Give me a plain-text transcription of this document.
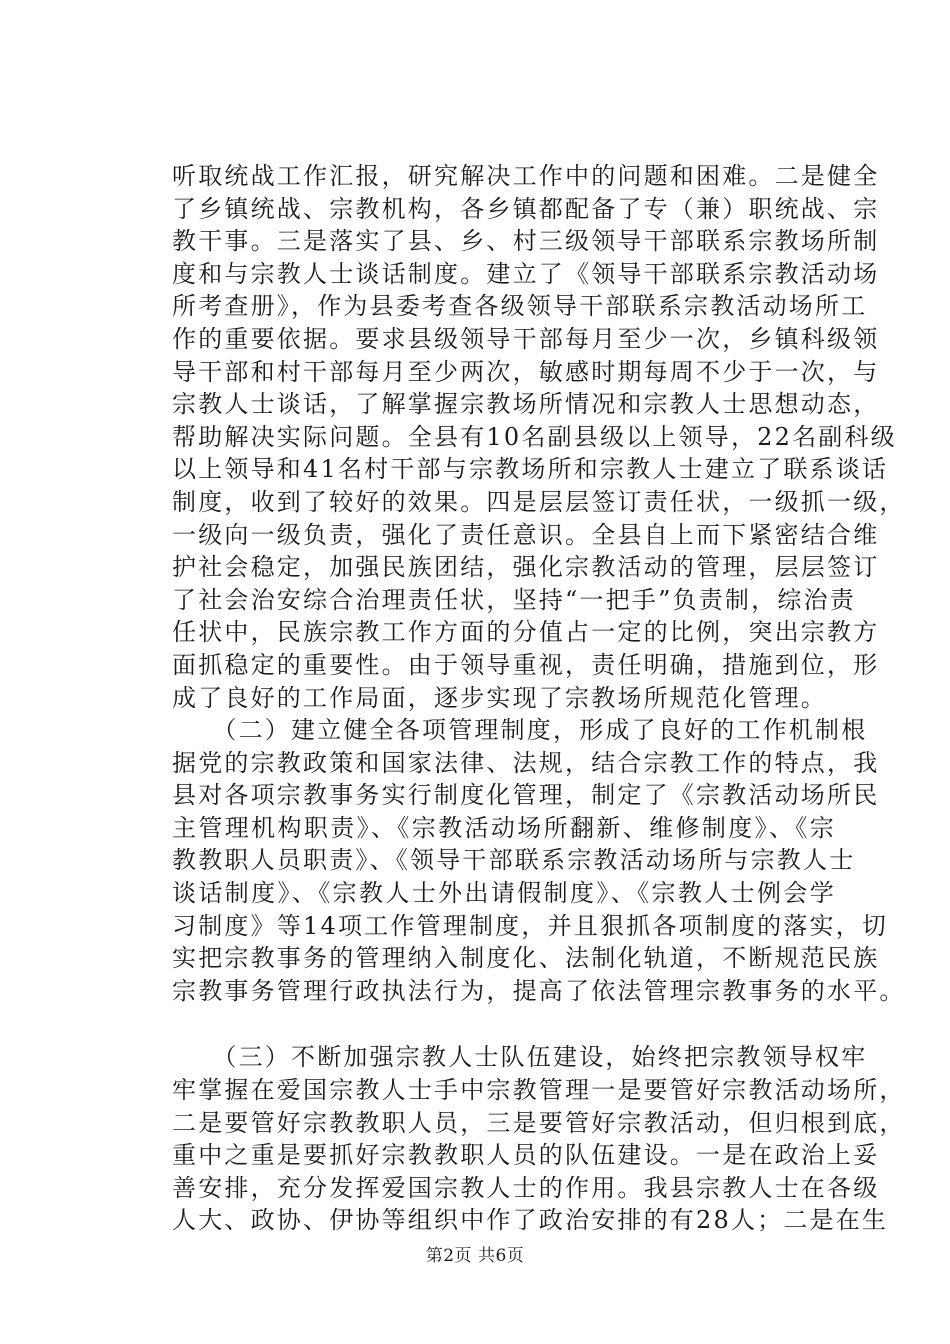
听取统战工作汇报，研究解决工作中的问题和困难。二是健全
了乡镇统战、宗教机构，各乡镇都配备了专（兼）职统战、宗
教干事。三是落实了县、乡、村三级领导干部联系宗教场所制
度和与宗教人士谈话制度。建立了《领导干部联系宗教活动场
所考查册》，作为县委考查各级领导干部联系宗教活动场所工
作的重要依据。要求县级领导干部每月至少一次，乡镇科级领
导干部和村干部每月至少两次，敏感时期每周不少于一次，与
宗教人士谈话，了解掌握宗教场所情况和宗教人士思想动态，
帮助解决实际问题。全县有10名副县级以上领导，22名副科级
以上领导和41名村干部与宗教场所和宗教人士建立了联系谈话
制度，收到了较好的效果。四是层层签订责任状，一级抓一级，
一级向一级负责，强化了责任意识。全县自上而下紧密结合维
护社会稳定，加强民族团结，强化宗教活动的管理，层层签订
了社会治安综合治理责任状，坚持“一把手”负责制，综治责
任状中，民族宗教工作方面的分值占一定的比例，突出宗教方
面抓稳定的重要性。由于领导重视，责任明确，措施到位，形
成了良好的工作局面，逐步实现了宗教场所规范化管理。
　　（二）建立健全各项管理制度，形成了良好的工作机制根
据党的宗教政策和国家法律、法规，结合宗教工作的特点，我
县对各项宗教事务实行制度化管理，制定了《宗教活动场所民
主管理机构职责》、《宗教活动场所翻新、维修制度》、《宗
教教职人员职责》、《领导干部联系宗教活动场所与宗教人士
谈话制度》、《宗教人士外出请假制度》、《宗教人士例会学
习制度》等14项工作管理制度，并且狠抓各项制度的落实，切
实把宗教事务的管理纳入制度化、法制化轨道，不断规范民族
宗教事务管理行政执法行为，提高了依法管理宗教事务的水平。
　　（三）不断加强宗教人士队伍建设，始终把宗教领导权牢
牢掌握在爱国宗教人士手中宗教管理一是要管好宗教活动场所，
二是要管好宗教教职人员，三是要管好宗教活动，但归根到底，
重中之重是要抓好宗教教职人员的队伍建设。一是在政治上妥
善安排，充分发挥爱国宗教人士的作用。我县宗教人士在各级
人大、政协、伊协等组织中作了政治安排的有28人；二是在生
第2页 共6页
